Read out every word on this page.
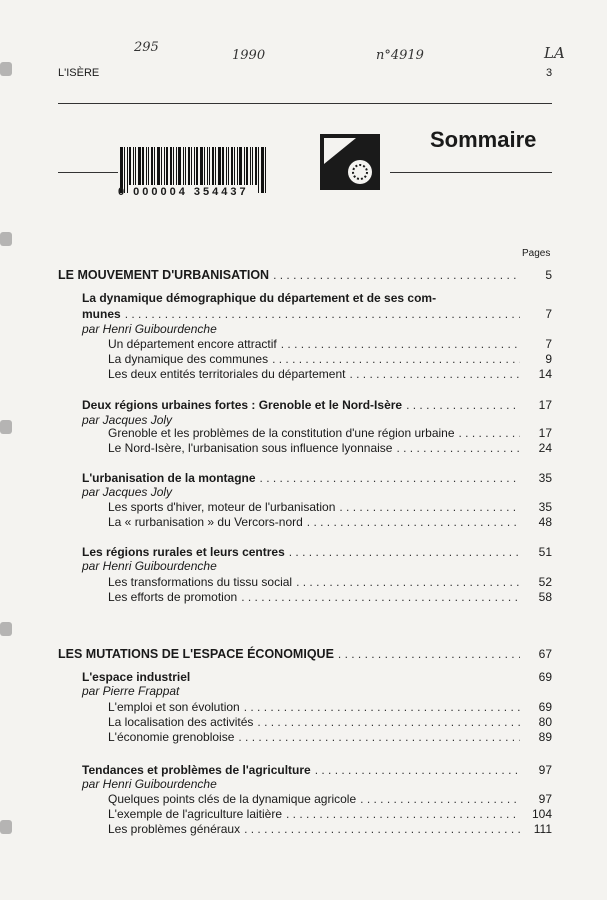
295
1990	n°4919	LA
L'ISÈRE	3
0 000004 354437
Sommaire
Pages
LE MOUVEMENT D'URBANISATION . . .	5
La dynamique démographique du département et de ses com-
munes . . .	7
par Henri Guibourdenche
Un département encore attractif . . .	7
La dynamique des communes . . .	9
Les deux entités territoriales du département . . .	14
Deux régions urbaines fortes : Grenoble et le Nord-Isère . . .	17
par Jacques Joly
Grenoble et les problèmes de la constitution d'une région urbaine . . .	17
Le Nord-Isère, l'urbanisation sous influence lyonnaise . . .	24
L'urbanisation de la montagne . . .	35
par Jacques Joly
Les sports d'hiver, moteur de l'urbanisation . . .	35
La « rurbanisation » du Vercors-nord . . .	48
Les régions rurales et leurs centres . . .	51
par Henri Guibourdenche
Les transformations du tissu social . . .	52
Les efforts de promotion . . .	58
LES MUTATIONS DE L'ESPACE ÉCONOMIQUE . . .	67
L'espace industriel	69
par Pierre Frappat
L'emploi et son évolution . . .	69
La localisation des activités . . .	80
L'économie grenobloise . . .	89
Tendances et problèmes de l'agriculture . . .	97
par Henri Guibourdenche
Quelques points clés de la dynamique agricole . . .	97
L'exemple de l'agriculture laitière . . .	104
Les problèmes généraux . . .	111
